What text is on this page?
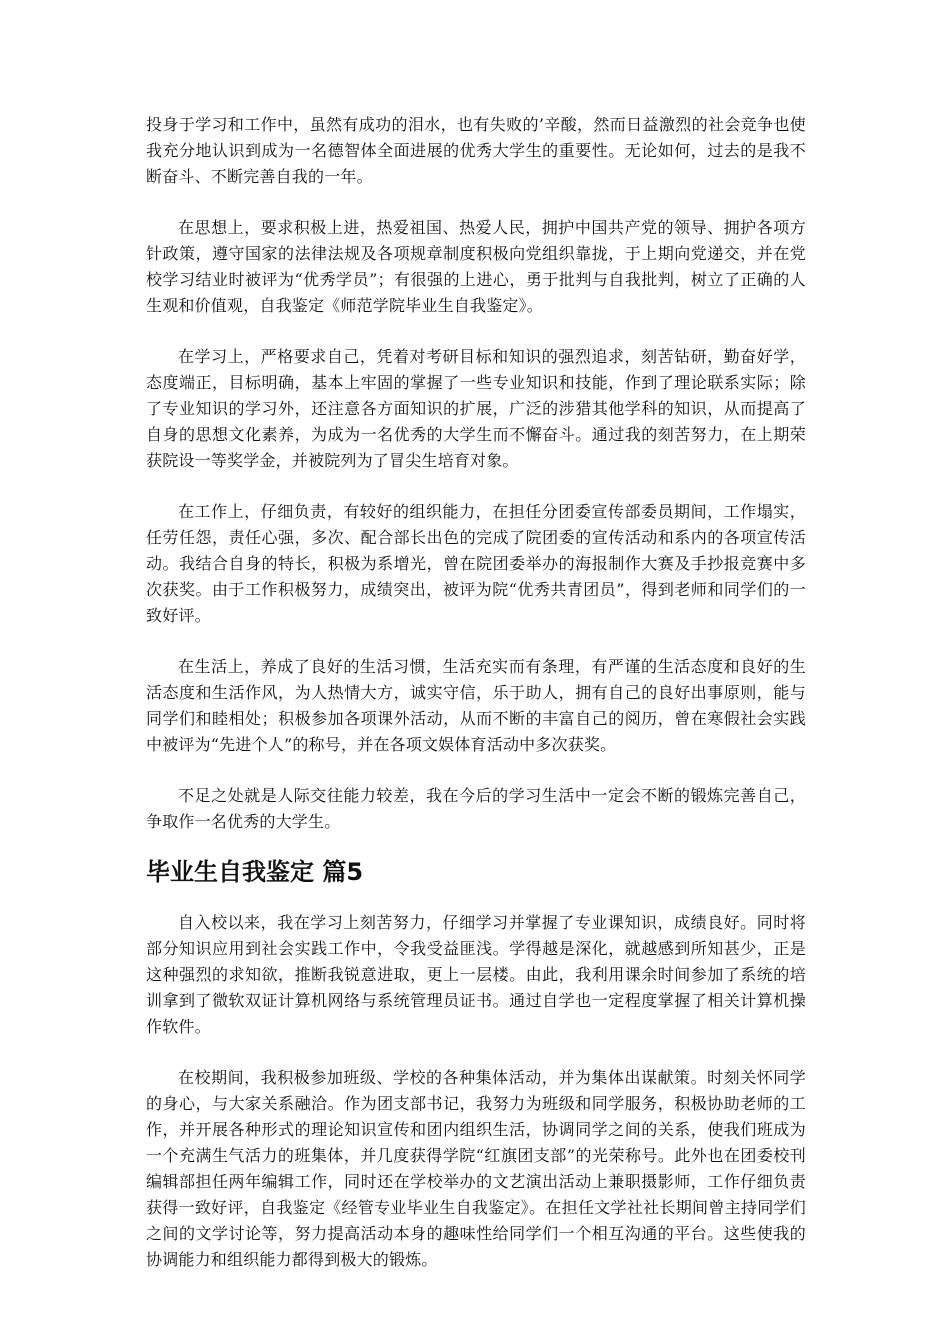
投身于学习和工作中，虽然有成功的泪水，也有失败的’辛酸，然而日益激烈的社会竞争也使我充分地认识到成为一名德智体全面进展的优秀大学生的重要性。无论如何，过去的是我不断奋斗、不断完善自我的一年。

在思想上，要求积极上进，热爱祖国、热爱人民，拥护中国共产党的领导、拥护各项方针政策，遵守国家的法律法规及各项规章制度积极向党组织靠拢，于上期向党递交，并在党校学习结业时被评为“优秀学员”；有很强的上进心，勇于批判与自我批判，树立了正确的人生观和价值观，自我鉴定《师范学院毕业生自我鉴定》。

在学习上，严格要求自己，凭着对考研目标和知识的强烈追求，刻苦钻研，勤奋好学，态度端正，目标明确，基本上牢固的掌握了一些专业知识和技能，作到了理论联系实际；除了专业知识的学习外，还注意各方面知识的扩展，广泛的涉猎其他学科的知识，从而提高了自身的思想文化素养，为成为一名优秀的大学生而不懈奋斗。通过我的刻苦努力，在上期荣获院设一等奖学金，并被院列为了冒尖生培育对象。

在工作上，仔细负责，有较好的组织能力，在担任分团委宣传部委员期间，工作塌实，任劳任怨，责任心强，多次、配合部长出色的完成了院团委的宣传活动和系内的各项宣传活动。我结合自身的特长，积极为系增光，曾在院团委举办的海报制作大赛及手抄报竞赛中多次获奖。由于工作积极努力，成绩突出，被评为院“优秀共青团员”，得到老师和同学们的一致好评。

在生活上，养成了良好的生活习惯，生活充实而有条理，有严谨的生活态度和良好的生活态度和生活作风，为人热情大方，诚实守信，乐于助人，拥有自己的良好出事原则，能与同学们和睦相处；积极参加各项课外活动，从而不断的丰富自己的阅历，曾在寒假社会实践中被评为“先进个人”的称号，并在各项文娱体育活动中多次获奖。

不足之处就是人际交往能力较差，我在今后的学习生活中一定会不断的锻炼完善自己，争取作一名优秀的大学生。

毕业生自我鉴定 篇5

自入校以来，我在学习上刻苦努力，仔细学习并掌握了专业课知识，成绩良好。同时将部分知识应用到社会实践工作中，令我受益匪浅。学得越是深化，就越感到所知甚少，正是这种强烈的求知欲，推断我锐意进取，更上一层楼。由此，我利用课余时间参加了系统的培训拿到了微软双证计算机网络与系统管理员证书。通过自学也一定程度掌握了相关计算机操作软件。

在校期间，我积极参加班级、学校的各种集体活动，并为集体出谋献策。时刻关怀同学的身心，与大家关系融洽。作为团支部书记，我努力为班级和同学服务，积极协助老师的工作，并开展各种形式的理论知识宣传和团内组织生活，协调同学之间的关系，使我们班成为一个充满生气活力的班集体，并几度获得学院“红旗团支部”的光荣称号。此外也在团委校刊编辑部担任两年编辑工作，同时还在学校举办的文艺演出活动上兼职摄影师，工作仔细负责获得一致好评，自我鉴定《经管专业毕业生自我鉴定》。在担任文学社社长期间曾主持同学们之间的文学讨论等，努力提高活动本身的趣味性给同学们一个相互沟通的平台。这些使我的协调能力和组织能力都得到极大的锻炼。
